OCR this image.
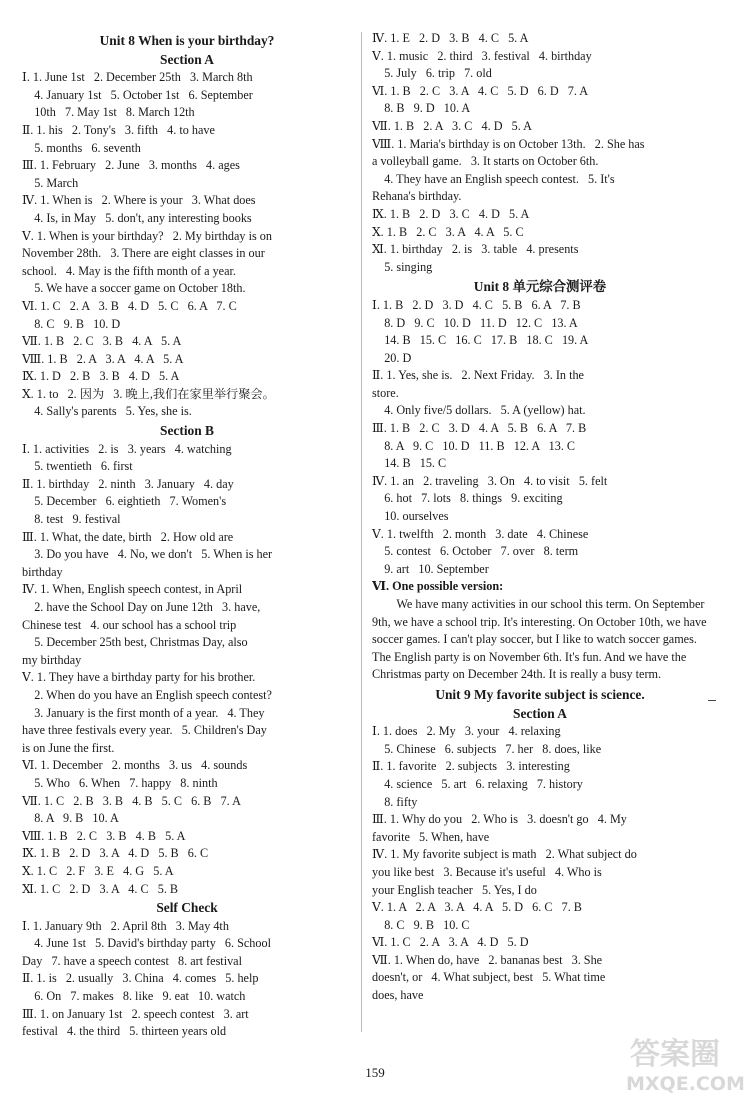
Unit 8 When is your birthday?
Section A
Ⅰ. 1. June 1st   2. December 25th   3. March 8th
4. January 1st   5. October 1st   6. September
10th   7. May 1st   8. March 12th
Ⅱ. 1. his   2. Tony's   3. fifth   4. to have
5. months   6. seventh
Ⅲ. 1. February   2. June   3. months   4. ages
5. March
Ⅳ. 1. When is   2. Where is your   3. What does
4. Is, in May   5. don't, any interesting books
Ⅴ. 1. When is your birthday?   2. My birthday is on
November 28th.   3. There are eight classes in our
school.   4. May is the fifth month of a year.
5. We have a soccer game on October 18th.
Ⅵ. 1. C   2. A   3. B   4. D   5. C   6. A   7. C
8. C   9. B   10. D
Ⅶ. 1. B   2. C   3. B   4. A   5. A
Ⅷ. 1. B   2. A   3. A   4. A   5. A
Ⅸ. 1. D   2. B   3. B   4. D   5. A
Ⅹ. 1. to   2. 因为   3. 晚上,我们在家里举行聚会。
4. Sally's parents   5. Yes, she is.
Section B
Ⅰ. 1. activities   2. is   3. years   4. watching
5. twentieth   6. first
Ⅱ. 1. birthday   2. ninth   3. January   4. day
5. December   6. eightieth   7. Women's
8. test   9. festival
Ⅲ. 1. What, the date, birth   2. How old are
3. Do you have   4. No, we don't   5. When is her
birthday
Ⅳ. 1. When, English speech contest, in April
2. have the School Day on June 12th   3. have,
Chinese test   4. our school has a school trip
5. December 25th best, Christmas Day, also
my birthday
Ⅴ. 1. They have a birthday party for his brother.
2. When do you have an English speech contest?
3. January is the first month of a year.   4. They
have three festivals every year.   5. Children's Day
is on June the first.
Ⅵ. 1. December   2. months   3. us   4. sounds
5. Who   6. When   7. happy   8. ninth
Ⅶ. 1. C   2. B   3. B   4. B   5. C   6. B   7. A
8. A   9. B   10. A
Ⅷ. 1. B   2. C   3. B   4. B   5. A
Ⅸ. 1. B   2. D   3. A   4. D   5. B   6. C
Ⅹ. 1. C   2. F   3. E   4. G   5. A
Ⅺ. 1. C   2. D   3. A   4. C   5. B
Self Check
Ⅰ. 1. January 9th   2. April 8th   3. May 4th
4. June 1st   5. David's birthday party   6. School
Day   7. have a speech contest   8. art festival
Ⅱ. 1. is   2. usually   3. China   4. comes   5. help
6. On   7. makes   8. like   9. eat   10. watch
Ⅲ. 1. on January 1st   2. speech contest   3. art
festival   4. the third   5. thirteen years old
Ⅳ. 1. E   2. D   3. B   4. C   5. A
Ⅴ. 1. music   2. third   3. festival   4. birthday
5. July   6. trip   7. old
Ⅵ. 1. B   2. C   3. A   4. C   5. D   6. D   7. A
8. B   9. D   10. A
Ⅶ. 1. B   2. A   3. C   4. D   5. A
Ⅷ. 1. Maria's birthday is on October 13th.   2. She has
a volleyball game.   3. It starts on October 6th.
4. They have an English speech contest.   5. It's
Rehana's birthday.
Ⅸ. 1. B   2. D   3. C   4. D   5. A
Ⅹ. 1. B   2. C   3. A   4. A   5. C
Ⅺ. 1. birthday   2. is   3. table   4. presents
5. singing
Unit 8 单元综合测评卷
Ⅰ. 1. B   2. D   3. D   4. C   5. B   6. A   7. B
8. D   9. C   10. D   11. D   12. C   13. A
14. B   15. C   16. C   17. B   18. C   19. A
20. D
Ⅱ. 1. Yes, she is.   2. Next Friday.   3. In the
store.
4. Only five/5 dollars.   5. A (yellow) hat.
Ⅲ. 1. B   2. C   3. D   4. A   5. B   6. A   7. B
8. A   9. C   10. D   11. B   12. A   13. C
14. B   15. C
Ⅳ. 1. an   2. traveling   3. On   4. to visit   5. felt
6. hot   7. lots   8. things   9. exciting
10. ourselves
Ⅴ. 1. twelfth   2. month   3. date   4. Chinese
5. contest   6. October   7. over   8. term
9. art   10. September
Ⅵ. One possible version:
We have many activities in our school this term. On September 9th, we have a school trip. It's interesting. On October 10th, we have soccer games. I can't play soccer, but I like to watch soccer games. The English party is on November 6th. It's fun. And we have the Christmas party on December 24th. It is really a busy term.
Unit 9 My favorite subject is science.
Section A
Ⅰ. 1. does   2. My   3. your   4. relaxing
5. Chinese   6. subjects   7. her   8. does, like
Ⅱ. 1. favorite   2. subjects   3. interesting
4. science   5. art   6. relaxing   7. history
8. fifty
Ⅲ. 1. Why do you   2. Who is   3. doesn't go   4. My
favorite   5. When, have
Ⅳ. 1. My favorite subject is math   2. What subject do
you like best   3. Because it's useful   4. Who is
your English teacher   5. Yes, I do
Ⅴ. 1. A   2. A   3. A   4. A   5. D   6. C   7. B
8. C   9. B   10. C
Ⅵ. 1. C   2. A   3. A   4. D   5. D
Ⅶ. 1. When do, have   2. bananas best   3. She
doesn't, or   4. What subject, best   5. What time
does, have
159
答案圈
MXQE.COM
